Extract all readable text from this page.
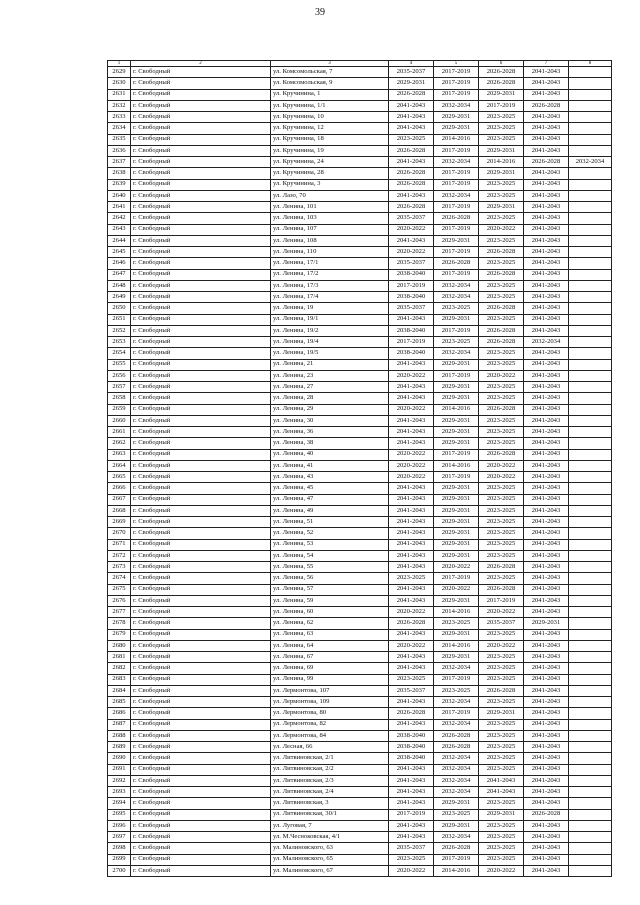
39
1	2	3	4	5	6	7	8
2629	г. Свободный	ул. Комсомольская, 7	2035-2037	2017-2019	2026-2028	2041-2043	
2630	г. Свободный	ул. Комсомольская, 9	2029-2031	2017-2019	2026-2028	2041-2043	
2631	г. Свободный	ул. Кручинина, 1	2026-2028	2017-2019	2029-2031	2041-2043	
2632	г. Свободный	ул. Кручинина, 1/1	2041-2043	2032-2034	2017-2019	2026-2028	
2633	г. Свободный	ул. Кручинина, 10	2041-2043	2029-2031	2023-2025	2041-2043	
2634	г. Свободный	ул. Кручинина, 12	2041-2043	2029-2031	2023-2025	2041-2043	
2635	г. Свободный	ул. Кручинина, 18	2023-2025	2014-2016	2023-2025	2041-2043	
2636	г. Свободный	ул. Кручинина, 19	2026-2028	2017-2019	2029-2031	2041-2043	
2637	г. Свободный	ул. Кручинина, 24	2041-2043	2032-2034	2014-2016	2026-2028	2032-2034
2638	г. Свободный	ул. Кручинина, 28	2026-2028	2017-2019	2029-2031	2041-2043	
2639	г. Свободный	ул. Кручинина, 3	2026-2028	2017-2019	2023-2025	2041-2043	
2640	г. Свободный	ул. Лазо, 70	2041-2043	2032-2034	2023-2025	2041-2043	
2641	г. Свободный	ул. Ленина, 101	2026-2028	2017-2019	2029-2031	2041-2043	
2642	г. Свободный	ул. Ленина, 103	2035-2037	2026-2028	2023-2025	2041-2043	
2643	г. Свободный	ул. Ленина, 107	2020-2022	2017-2019	2020-2022	2041-2043	
2644	г. Свободный	ул. Ленина, 108	2041-2043	2029-2031	2023-2025	2041-2043	
2645	г. Свободный	ул. Ленина, 110	2020-2022	2017-2019	2026-2028	2041-2043	
2646	г. Свободный	ул. Ленина, 17/1	2035-2037	2026-2028	2023-2025	2041-2043	
2647	г. Свободный	ул. Ленина, 17/2	2038-2040	2017-2019	2026-2028	2041-2043	
2648	г. Свободный	ул. Ленина, 17/3	2017-2019	2032-2034	2023-2025	2041-2043	
2649	г. Свободный	ул. Ленина, 17/4	2038-2040	2032-2034	2023-2025	2041-2043	
2650	г. Свободный	ул. Ленина, 19	2035-2037	2023-2025	2026-2028	2041-2043	
2651	г. Свободный	ул. Ленина, 19/1	2041-2043	2029-2031	2023-2025	2041-2043	
2652	г. Свободный	ул. Ленина, 19/2	2038-2040	2017-2019	2026-2028	2041-2043	
2653	г. Свободный	ул. Ленина, 19/4	2017-2019	2023-2025	2026-2028	2032-2034	
2654	г. Свободный	ул. Ленина, 19/5	2038-2040	2032-2034	2023-2025	2041-2043	
2655	г. Свободный	ул. Ленина, 21	2041-2043	2029-2031	2023-2025	2041-2043	
2656	г. Свободный	ул. Ленина, 23	2020-2022	2017-2019	2020-2022	2041-2043	
2657	г. Свободный	ул. Ленина, 27	2041-2043	2029-2031	2023-2025	2041-2043	
2658	г. Свободный	ул. Ленина, 28	2041-2043	2029-2031	2023-2025	2041-2043	
2659	г. Свободный	ул. Ленина, 29	2020-2022	2014-2016	2026-2028	2041-2043	
2660	г. Свободный	ул. Ленина, 30	2041-2043	2029-2031	2023-2025	2041-2043	
2661	г. Свободный	ул. Ленина, 36	2041-2043	2029-2031	2023-2025	2041-2043	
2662	г. Свободный	ул. Ленина, 38	2041-2043	2029-2031	2023-2025	2041-2043	
2663	г. Свободный	ул. Ленина, 40	2020-2022	2017-2019	2026-2028	2041-2043	
2664	г. Свободный	ул. Ленина, 41	2020-2022	2014-2016	2020-2022	2041-2043	
2665	г. Свободный	ул. Ленина, 43	2020-2022	2017-2019	2020-2022	2041-2043	
2666	г. Свободный	ул. Ленина, 45	2041-2043	2029-2031	2023-2025	2041-2043	
2667	г. Свободный	ул. Ленина, 47	2041-2043	2029-2031	2023-2025	2041-2043	
2668	г. Свободный	ул. Ленина, 49	2041-2043	2029-2031	2023-2025	2041-2043	
2669	г. Свободный	ул. Ленина, 51	2041-2043	2029-2031	2023-2025	2041-2043	
2670	г. Свободный	ул. Ленина, 52	2041-2043	2029-2031	2023-2025	2041-2043	
2671	г. Свободный	ул. Ленина, 53	2041-2043	2029-2031	2023-2025	2041-2043	
2672	г. Свободный	ул. Ленина, 54	2041-2043	2029-2031	2023-2025	2041-2043	
2673	г. Свободный	ул. Ленина, 55	2041-2043	2020-2022	2026-2028	2041-2043	
2674	г. Свободный	ул. Ленина, 56	2023-2025	2017-2019	2023-2025	2041-2043	
2675	г. Свободный	ул. Ленина, 57	2041-2043	2020-2022	2026-2028	2041-2043	
2676	г. Свободный	ул. Ленина, 59	2041-2043	2029-2031	2017-2019	2041-2043	
2677	г. Свободный	ул. Ленина, 60	2020-2022	2014-2016	2020-2022	2041-2043	
2678	г. Свободный	ул. Ленина, 62	2026-2028	2023-2025	2035-2037	2029-2031	
2679	г. Свободный	ул. Ленина, 63	2041-2043	2029-2031	2023-2025	2041-2043	
2680	г. Свободный	ул. Ленина, 64	2020-2022	2014-2016	2020-2022	2041-2043	
2681	г. Свободный	ул. Ленина, 67	2041-2043	2029-2031	2023-2025	2041-2043	
2682	г. Свободный	ул. Ленина, 69	2041-2043	2032-2034	2023-2025	2041-2043	
2683	г. Свободный	ул. Ленина, 99	2023-2025	2017-2019	2023-2025	2041-2043	
2684	г. Свободный	ул. Лермонтова, 107	2035-2037	2023-2025	2026-2028	2041-2043	
2685	г. Свободный	ул. Лермонтова, 109	2041-2043	2032-2034	2023-2025	2041-2043	
2686	г. Свободный	ул. Лермонтова, 80	2026-2028	2017-2019	2029-2031	2041-2043	
2687	г. Свободный	ул. Лермонтова, 82	2041-2043	2032-2034	2023-2025	2041-2043	
2688	г. Свободный	ул. Лермонтова, 84	2038-2040	2026-2028	2023-2025	2041-2043	
2689	г. Свободный	ул. Лесная, 66	2038-2040	2026-2028	2023-2025	2041-2043	
2690	г. Свободный	ул. Литвиновская, 2/1	2038-2040	2032-2034	2023-2025	2041-2043	
2691	г. Свободный	ул. Литвиновская, 2/2	2041-2043	2032-2034	2023-2025	2041-2043	
2692	г. Свободный	ул. Литвиновская, 2/3	2041-2043	2032-2034	2041-2043	2041-2043	
2693	г. Свободный	ул. Литвиновская, 2/4	2041-2043	2032-2034	2041-2043	2041-2043	
2694	г. Свободный	ул. Литвиновская, 3	2041-2043	2029-2031	2023-2025	2041-2043	
2695	г. Свободный	ул. Литвиновская, 30/1	2017-2019	2023-2025	2029-2031	2026-2028	
2696	г. Свободный	ул. Луговая, 7	2041-2043	2029-2031	2023-2025	2041-2043	
2697	г. Свободный	ул. М.Чесноковская, 4/1	2041-2043	2032-2034	2023-2025	2041-2043	
2698	г. Свободный	ул. Малиновского, 63	2035-2037	2026-2028	2023-2025	2041-2043	
2699	г. Свободный	ул. Малиновского, 65	2023-2025	2017-2019	2023-2025	2041-2043	
2700	г. Свободный	ул. Малиновского, 67	2020-2022	2014-2016	2020-2022	2041-2043	
